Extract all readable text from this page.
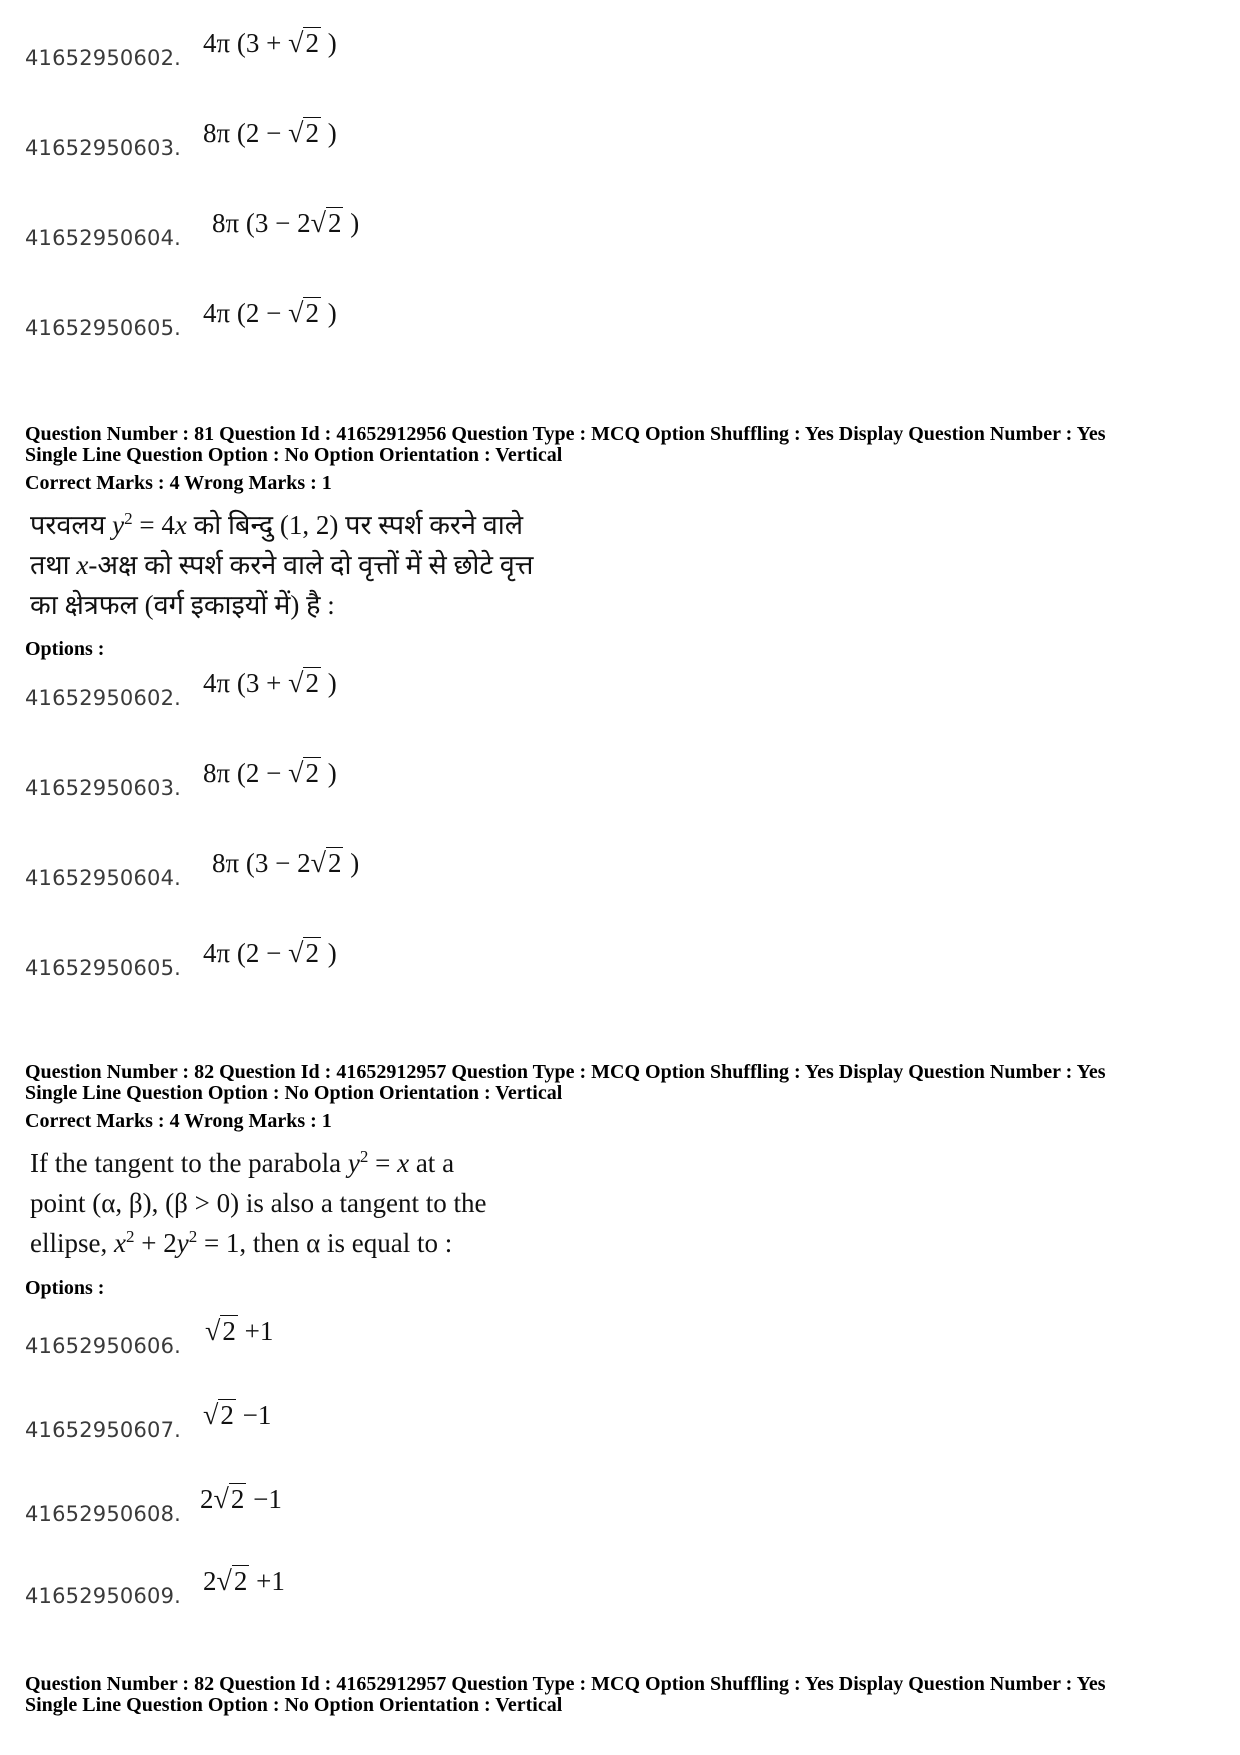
41652950602. 4π (3 + √2 )
41652950603. 8π (2 − √2 )
41652950604. 8π (3 − 2√2 )
41652950605. 4π (2 − √2 )
Question Number : 81 Question Id : 41652912956 Question Type : MCQ Option Shuffling : Yes Display Question Number : Yes
Single Line Question Option : No Option Orientation : Vertical
Correct Marks : 4 Wrong Marks : 1
परवलय $y^2 = 4x$ को बिन्दु (1, 2) पर स्पर्श करने वाले
तथा x-अक्ष को स्पर्श करने वाले दो वृत्तों में से छोटे वृत्त
का क्षेत्रफल (वर्ग इकाइयों में) है :
Options :
41652950602. 4π (3 + √2 )
41652950603. 8π (2 − √2 )
41652950604. 8π (3 − 2√2 )
41652950605. 4π (2 − √2 )
Question Number : 82 Question Id : 41652912957 Question Type : MCQ Option Shuffling : Yes Display Question Number : Yes
Single Line Question Option : No Option Orientation : Vertical
Correct Marks : 4 Wrong Marks : 1
If the tangent to the parabola $y^2 = x$ at a
point (α, β), (β > 0) is also a tangent to the
ellipse, $x^2 + 2y^2 = 1$, then α is equal to :
Options :
41652950606. √2 +1
41652950607. √2 −1
41652950608. 2√2 −1
41652950609. 2√2 +1
Question Number : 82 Question Id : 41652912957 Question Type : MCQ Option Shuffling : Yes Display Question Number : Yes
Single Line Question Option : No Option Orientation : Vertical
